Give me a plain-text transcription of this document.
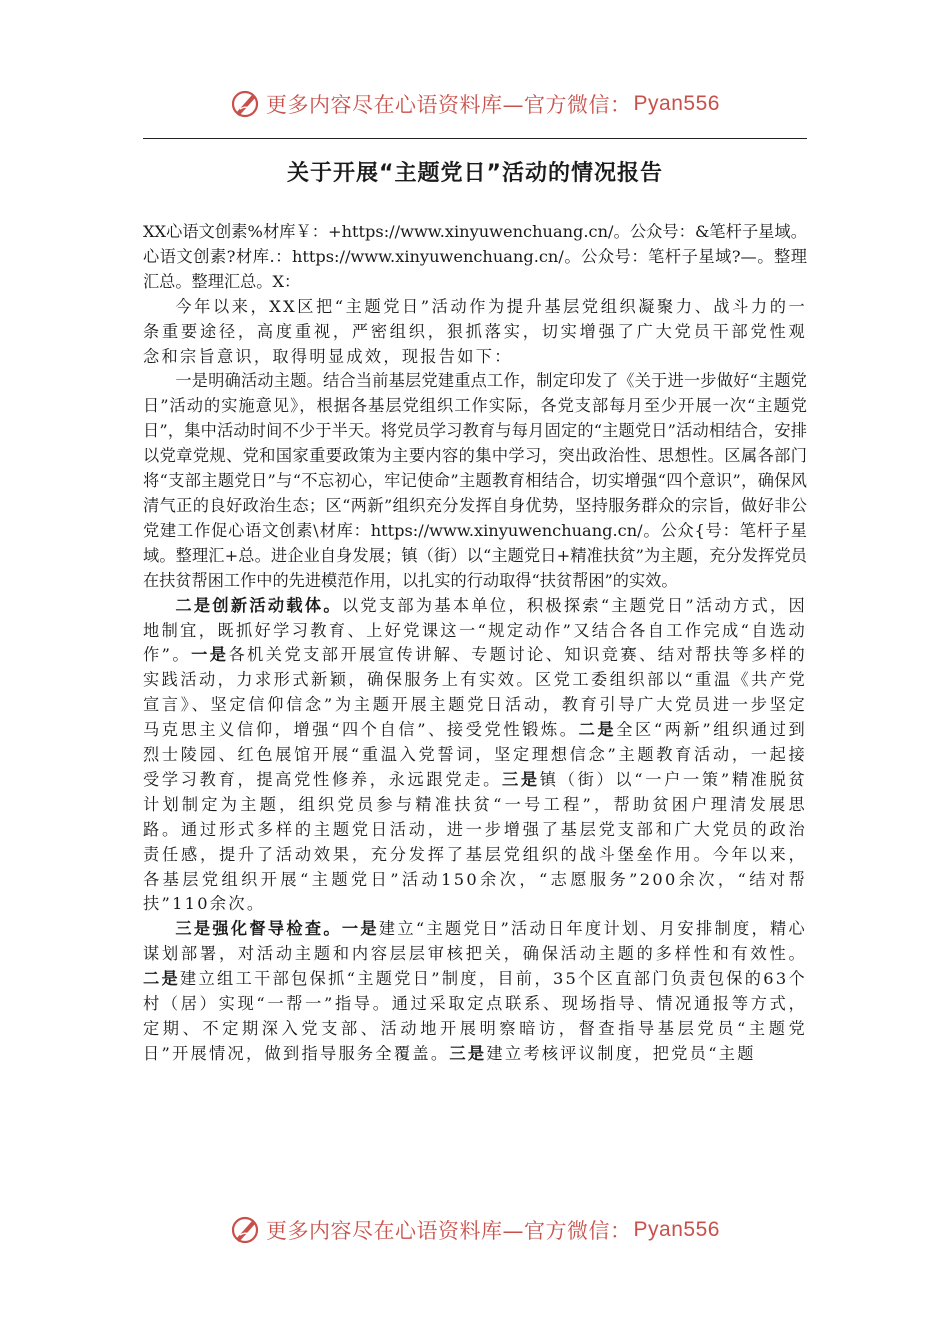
更多内容尽在心语资料库—官方微信： Pyan556
关于开展“主题党日”活动的情况报告

XX心语文创素%材库￥：+https://www.xinyuwenchuang.cn/。公众号：&笔杆子星域。心语文创素?材库.：https://www.xinyuwenchuang.cn/。公众号：笔杆子星域?—。整理汇总。整理汇总。X：

今年以来，XX区把“主题党日”活动作为提升基层党组织凝聚力、战斗力的一条重要途径，高度重视，严密组织，狠抓落实，切实增强了广大党员干部党性观念和宗旨意识，取得明显成效，现报告如下：

一是明确活动主题。结合当前基层党建重点工作，制定印发了《关于进一步做好“主题党日”活动的实施意见》，根据各基层党组织工作实际，各党支部每月至少开展一次“主题党日”，集中活动时间不少于半天。将党员学习教育与每月固定的“主题党日”活动相结合，安排以党章党规、党和国家重要政策为主要内容的集中学习，突出政治性、思想性。区属各部门将“支部主题党日”与“不忘初心，牢记使命”主题教育相结合，切实增强“四个意识”，确保风清气正的良好政治生态；区“两新”组织充分发挥自身优势，坚持服务群众的宗旨，做好非公党建工作促心语文创素\材库：https://www.xinyuwenchuang.cn/。公众{号：笔杆子星域。整理汇+总。进企业自身发展；镇（街）以“主题党日+精准扶贫”为主题，充分发挥党员在扶贫帮困工作中的先进模范作用，以扎实的行动取得“扶贫帮困”的实效。

二是创新活动载体。以党支部为基本单位，积极探索“主题党日”活动方式，因地制宜，既抓好学习教育、上好党课这一“规定动作”又结合各自工作完成“自选动作”。一是各机关党支部开展宣传讲解、专题讨论、知识竞赛、结对帮扶等多样的实践活动，力求形式新颖，确保服务上有实效。区党工委组织部以“重温《共产党宣言》、坚定信仰信念”为主题开展主题党日活动，教育引导广大党员进一步坚定马克思主义信仰，增强“四个自信”、接受党性锻炼。二是全区“两新”组织通过到烈士陵园、红色展馆开展“重温入党誓词，坚定理想信念”主题教育活动，一起接受学习教育，提高党性修养，永远跟党走。三是镇（街）以“一户一策”精准脱贫计划制定为主题，组织党员参与精准扶贫“一号工程”，帮助贫困户理清发展思路。通过形式多样的主题党日活动，进一步增强了基层党支部和广大党员的政治责任感，提升了活动效果，充分发挥了基层党组织的战斗堡垒作用。今年以来，各基层党组织开展“主题党日”活动150余次，“志愿服务”200余次，“结对帮扶”110余次。

三是强化督导检查。一是建立“主题党日”活动日年度计划、月安排制度，精心谋划部署，对活动主题和内容层层审核把关，确保活动主题的多样性和有效性。二是建立组工干部包保抓“主题党日”制度，目前，35个区直部门负责包保的63个村（居）实现“一帮一”指导。通过采取定点联系、现场指导、情况通报等方式，定期、不定期深入党支部、活动地开展明察暗访，督查指导基层党员“主题党日”开展情况，做到指导服务全覆盖。三是建立考核评议制度，把党员“主题

更多内容尽在心语资料库—官方微信： Pyan556
